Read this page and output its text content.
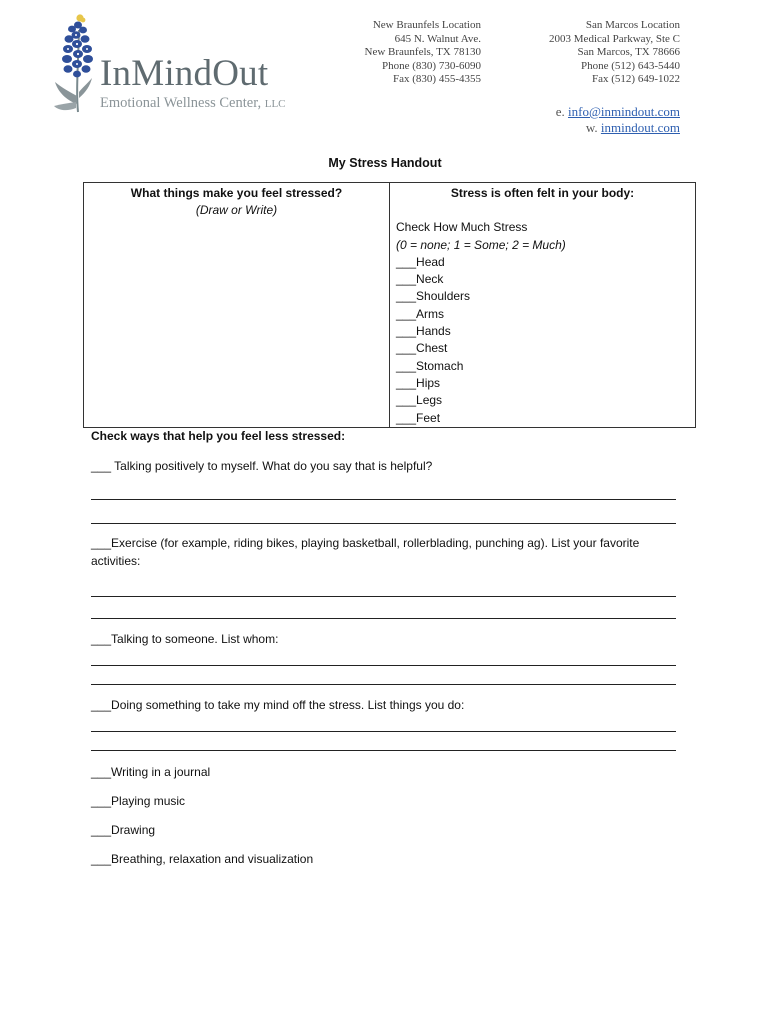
InMindOut
Emotional Wellness Center, LLC
New Braunfels Location
645 N. Walnut Ave.
New Braunfels, TX 78130
Phone (830) 730-6090
Fax (830) 455-4355
San Marcos Location
2003 Medical Parkway, Ste C
San Marcos, TX 78666
Phone (512) 643-5440
Fax (512) 649-1022
e. info@inmindout.com
w. inmindout.com
My Stress Handout
What things make you feel stressed?
(Draw or Write)

Stress is often felt in your body:
Check How Much Stress
(0 = none; 1 = Some; 2 = Much)
___Head
___Neck
___Shoulders
___Arms
___Hands
___Chest
___Stomach
___Hips
___Legs
___Feet
Check ways that help you feel less stressed:
___ Talking positively to myself. What do you say that is helpful?
___Exercise (for example, riding bikes, playing basketball, rollerblading, punching ag). List your favorite activities:
___Talking to someone. List whom:
___Doing something to take my mind off the stress. List things you do:
___Writing in a journal
___Playing music
___Drawing
___Breathing, relaxation and visualization
